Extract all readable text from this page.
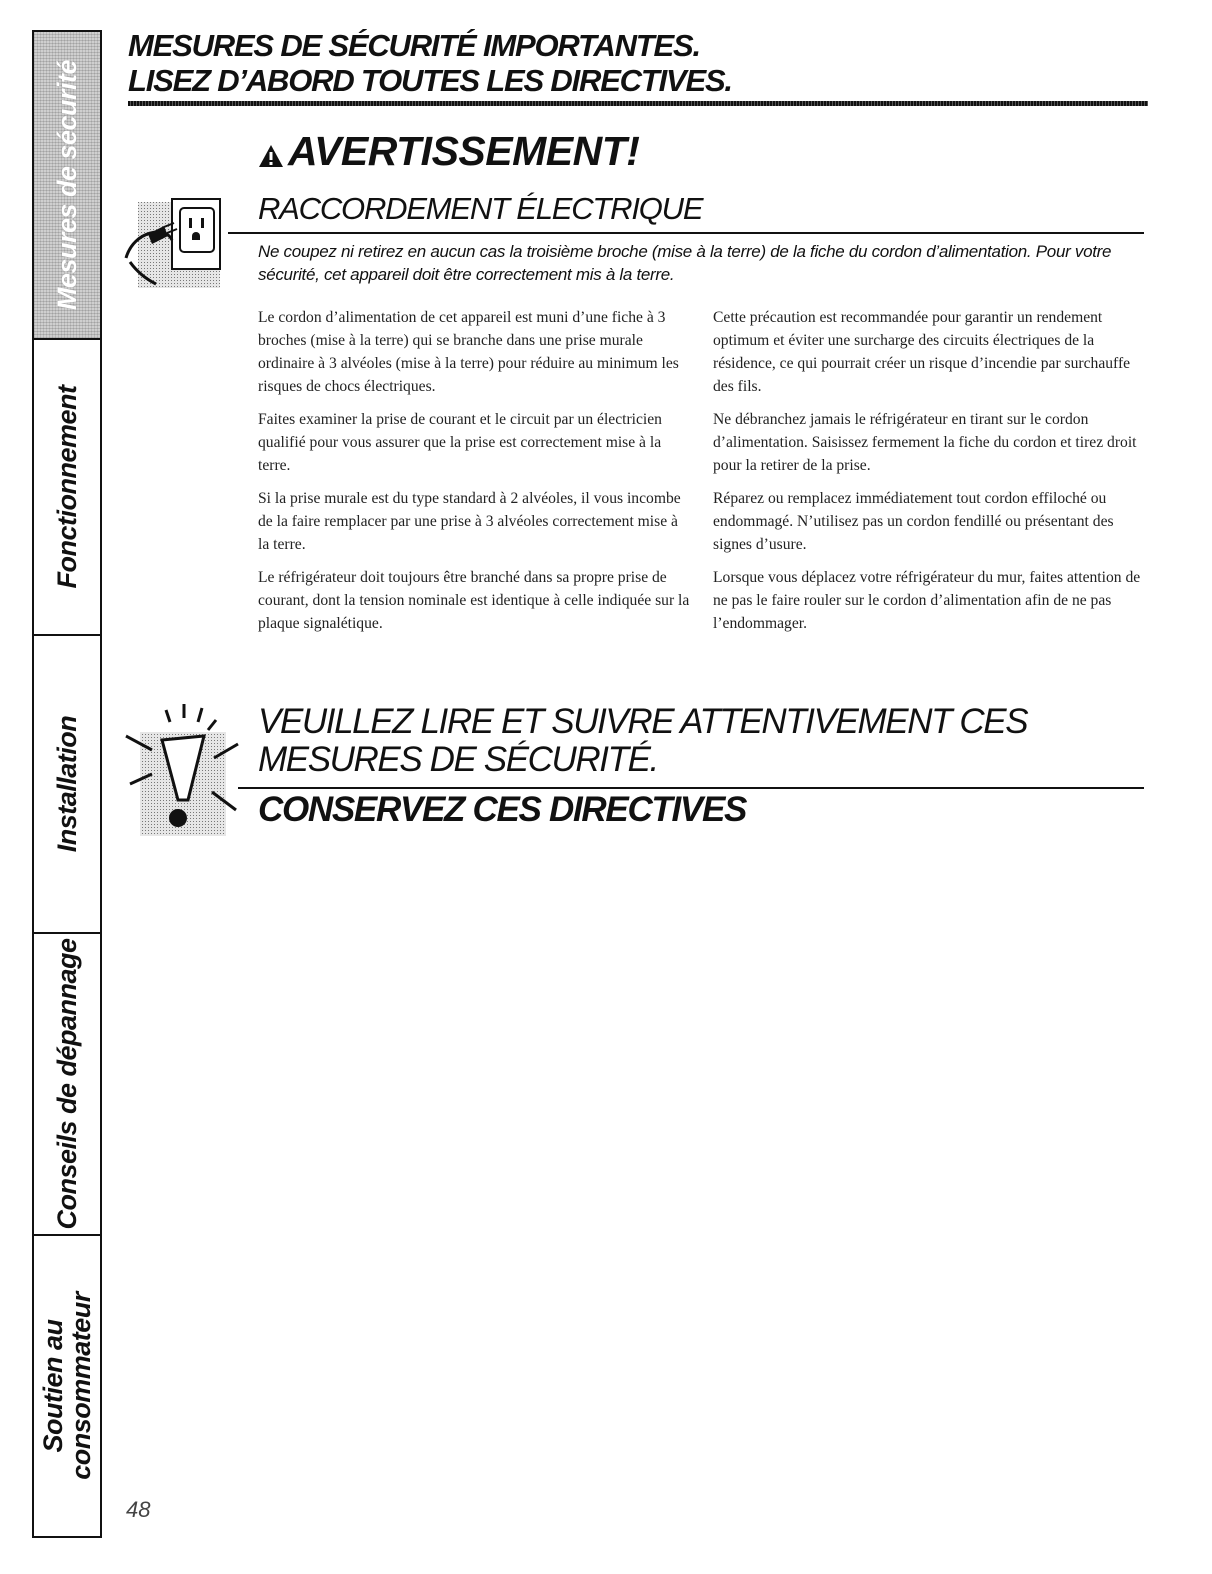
Mesures de sécurité
Fonctionnement
Installation
Conseils de dépannage
Soutien au
consommateur
MESURES DE SÉCURITÉ IMPORTANTES.
LISEZ D’ABORD TOUTES LES DIRECTIVES.
AVERTISSEMENT!
RACCORDEMENT ÉLECTRIQUE
Ne coupez ni retirez en aucun cas la troisième broche (mise à la terre) de la fiche du cordon d’alimentation. Pour votre sécurité, cet appareil doit être correctement mis à la terre.

Le cordon d’alimentation de cet appareil est muni d’une fiche à 3 broches (mise à la terre) qui se branche dans une prise murale ordinaire à 3 alvéoles (mise à la terre) pour réduire au minimum les risques de chocs électriques.

Faites examiner la prise de courant et le circuit par un électricien qualifié pour vous assurer que la prise est correctement mise à la terre.

Si la prise murale est du type standard à 2 alvéoles, il vous incombe de la faire remplacer par une prise à 3 alvéoles correctement mise à la terre.

Le réfrigérateur doit toujours être branché dans sa propre prise de courant, dont la tension nominale est identique à celle indiquée sur la plaque signalétique.

Cette précaution est recommandée pour garantir un rendement optimum et éviter une surcharge des circuits électriques de la résidence, ce qui pourrait créer un risque d’incendie par surchauffe des fils.

Ne débranchez jamais le réfrigérateur en tirant sur le cordon d’alimentation. Saisissez fermement la fiche du cordon et tirez droit pour la retirer de la prise.

Réparez ou remplacez immédiatement tout cordon effiloché ou endommagé. N’utilisez pas un cordon fendillé ou présentant des signes d’usure.

Lorsque vous déplacez votre réfrigérateur du mur, faites attention de ne pas le faire rouler sur le cordon d’alimentation afin de ne pas l’endommager.

VEUILLEZ LIRE ET SUIVRE ATTENTIVEMENT CES
MESURES DE SÉCURITÉ.
CONSERVEZ CES DIRECTIVES
48
